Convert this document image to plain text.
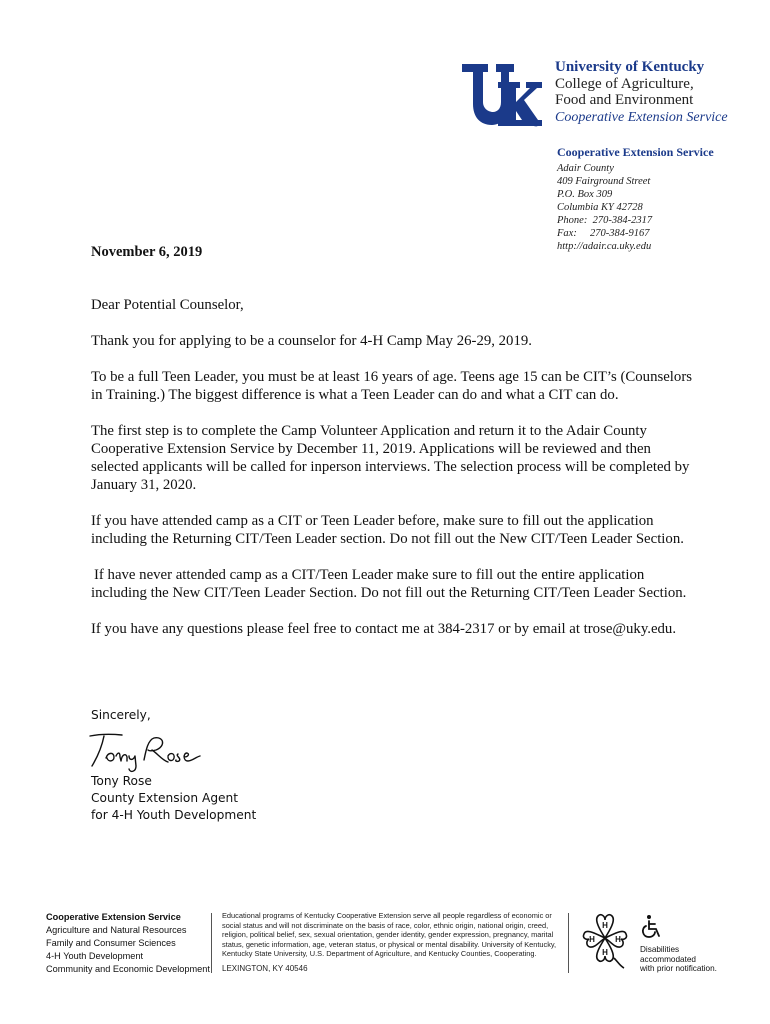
®
University of Kentucky
College of Agriculture,
Food and Environment
Cooperative Extension Service
Cooperative Extension Service
Adair County
409 Fairground Street
P.O. Box 309
Columbia KY 42728
Phone:  270-384-2317
Fax:     270-384-9167
http://adair.ca.uky.edu
November 6, 2019

Dear Potential Counselor,

Thank you for applying to be a counselor for 4-H Camp May 26-29, 2019.

To be a full Teen Leader, you must be at least 16 years of age. Teens age 15 can be CIT’s (Counselors in Training.) The biggest difference is what a Teen Leader can do and what a CIT can do.

The first step is to complete the Camp Volunteer Application and return it to the Adair County Cooperative Extension Service by December 11, 2019. Applications will be reviewed and then selected applicants will be called for inperson interviews. The selection process will be completed by January 31, 2020.

If you have attended camp as a CIT or Teen Leader before, make sure to fill out the application including the Returning CIT/Teen Leader section. Do not fill out the New CIT/Teen Leader Section.

If have never attended camp as a CIT/Teen Leader make sure to fill out the entire application including the New CIT/Teen Leader Section. Do not fill out the Returning CIT/Teen Leader Section.

If you have any questions please feel free to contact me at 384-2317 or by email at trose@uky.edu.

Sincerely,
Tony Rose
County Extension Agent
for 4-H Youth Development
Cooperative Extension Service
Agriculture and Natural Resources
Family and Consumer Sciences
4-H Youth Development
Community and Economic Development
Educational programs of Kentucky Cooperative Extension serve all people regardless of economic or social status and will not discriminate on the basis of race, color, ethnic origin, national origin, creed, religion, political belief, sex, sexual orientation, gender identity, gender expression, pregnancy, marital status, genetic information, age, veteran status, or physical or mental disability. University of Kentucky, Kentucky State University, U.S. Department of Agriculture, and Kentucky Counties, Cooperating.
LEXINGTON, KY 40546
H
H	H
H	Disabilities
accommodated
with prior notification.
